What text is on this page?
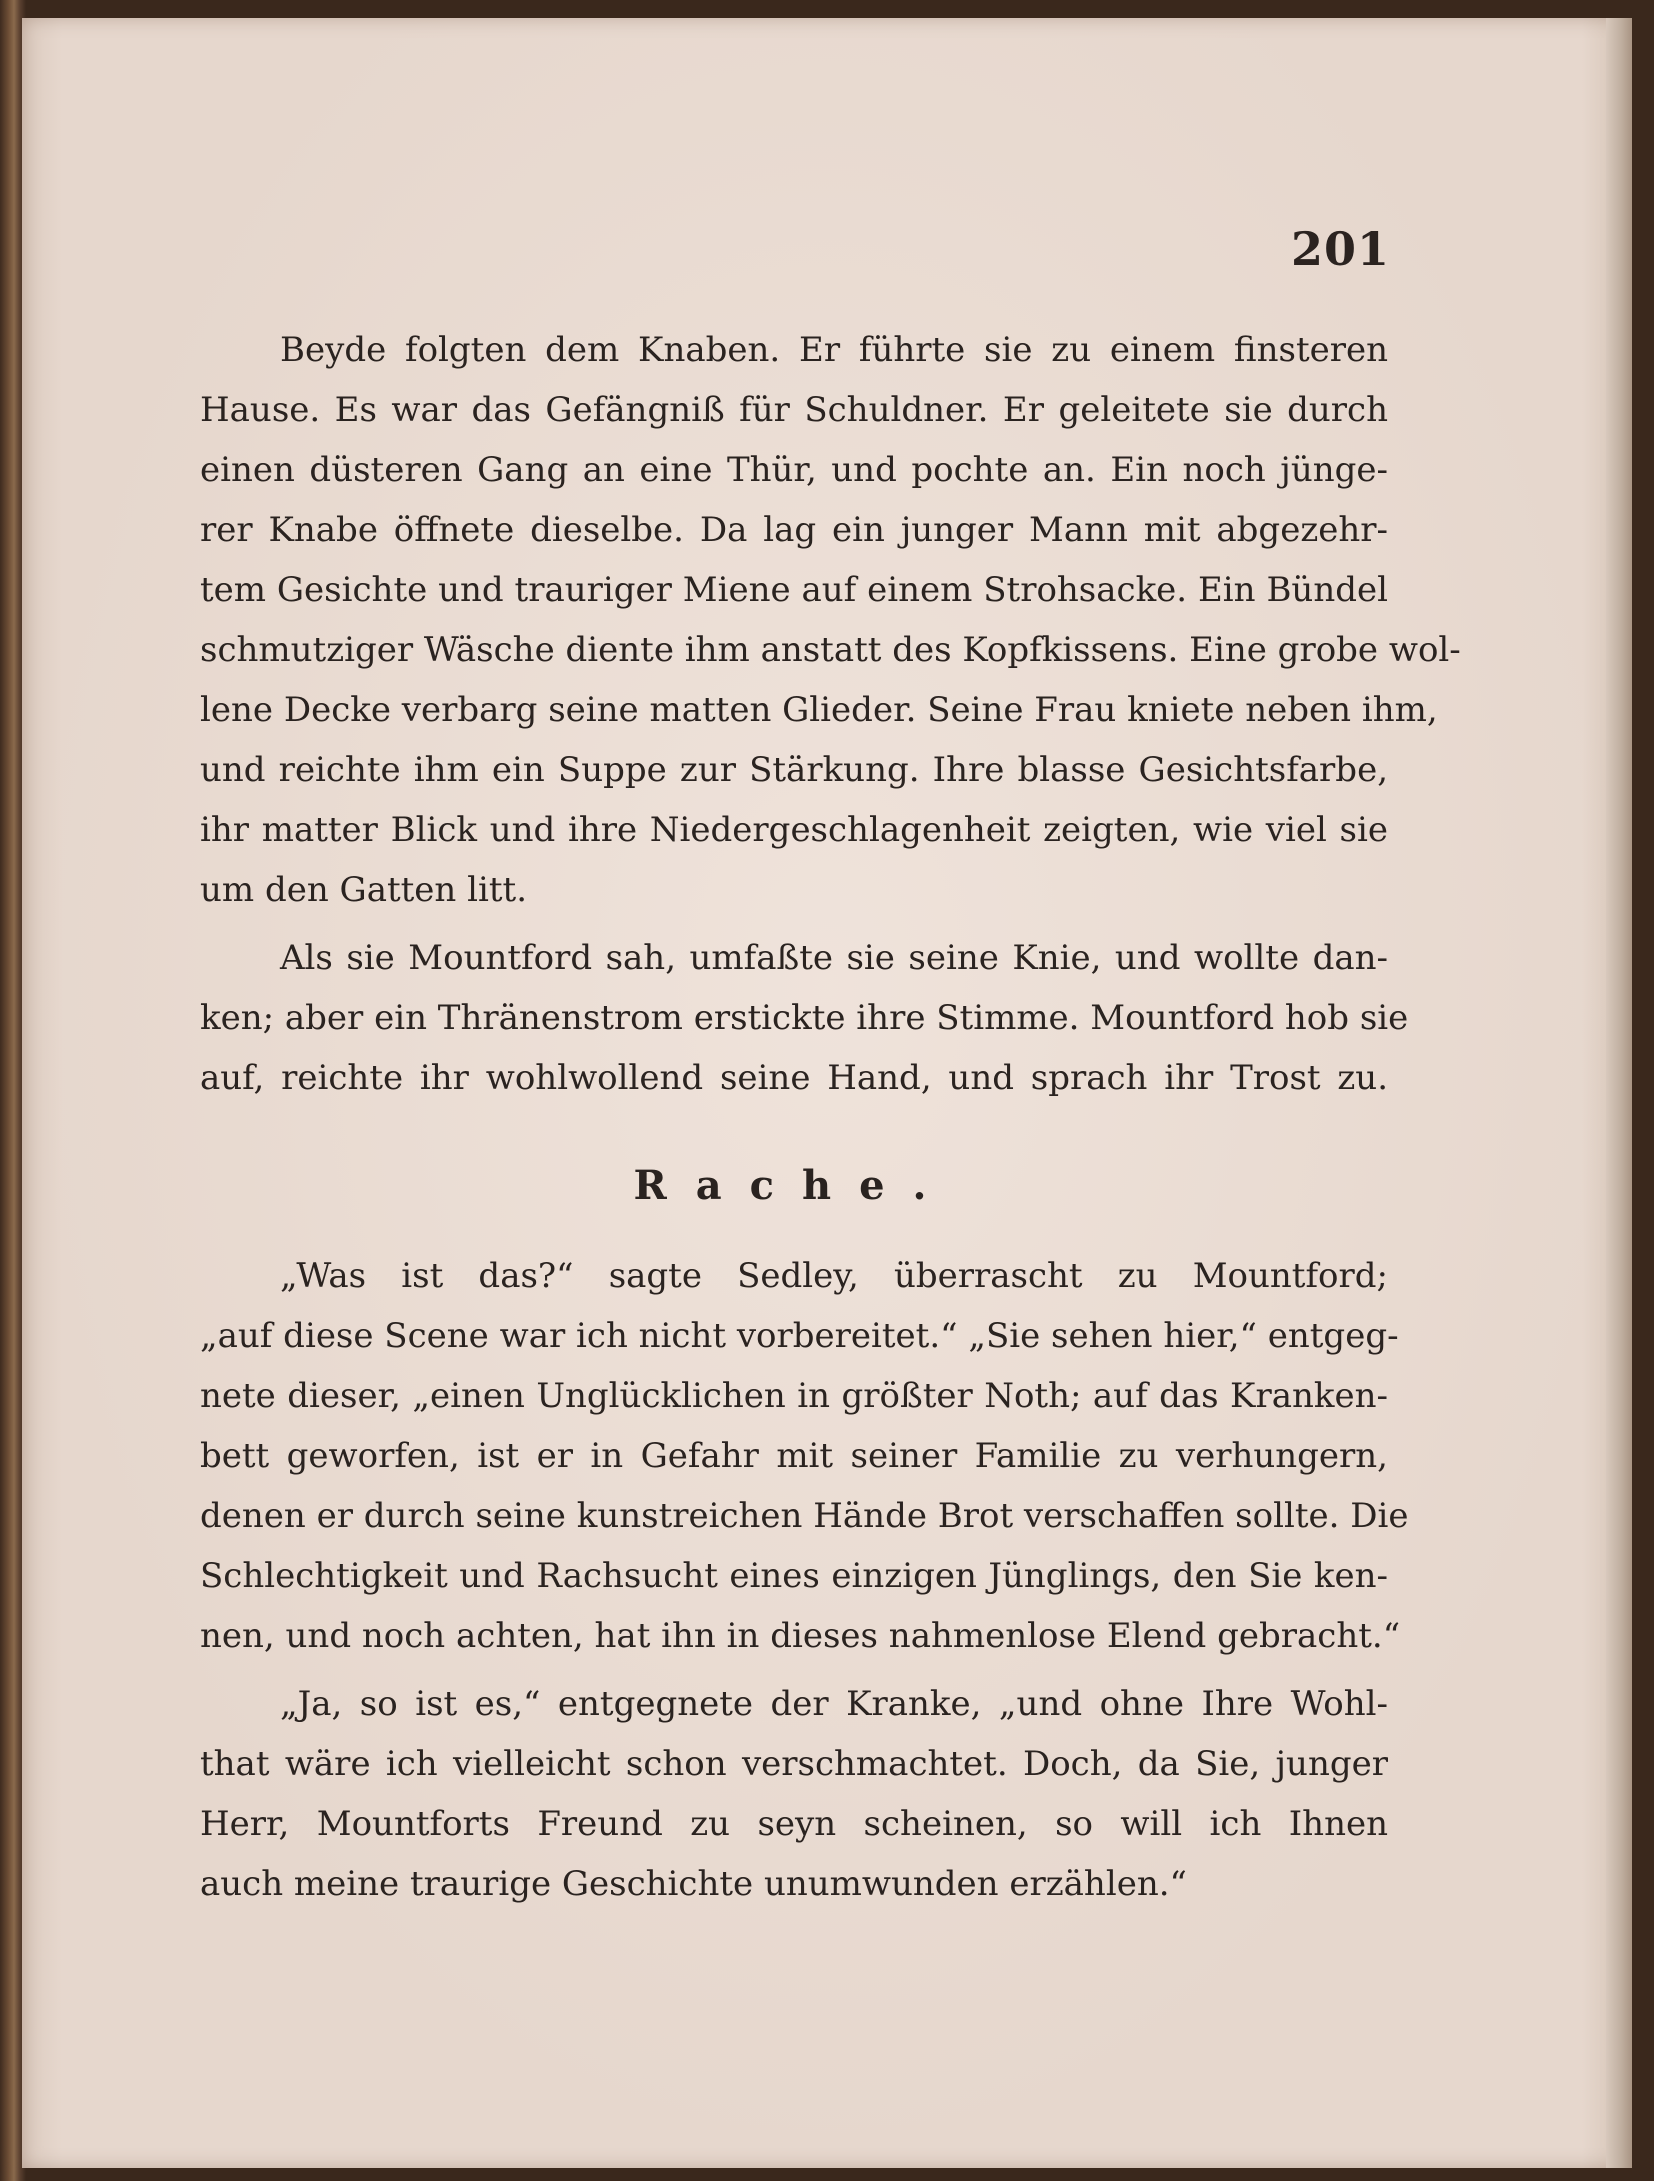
201
Beyde folgten dem Knaben. Er führte sie zu einem finsteren
Hause. Es war das Gefängniß für Schuldner. Er geleitete sie durch
einen düsteren Gang an eine Thür, und pochte an. Ein noch jünge-
rer Knabe öffnete dieselbe. Da lag ein junger Mann mit abgezehr-
tem Gesichte und trauriger Miene auf einem Strohsacke. Ein Bündel
schmutziger Wäsche diente ihm anstatt des Kopfkissens. Eine grobe wol-
lene Decke verbarg seine matten Glieder. Seine Frau kniete neben ihm,
und reichte ihm ein Suppe zur Stärkung. Ihre blasse Gesichtsfarbe,
ihr matter Blick und ihre Niedergeschlagenheit zeigten, wie viel sie
um den Gatten litt.
Als sie Mountford sah, umfaßte sie seine Knie, und wollte dan-
ken; aber ein Thränenstrom erstickte ihre Stimme. Mountford hob sie
auf, reichte ihr wohlwollend seine Hand, und sprach ihr Trost zu.
Rache.
„Was ist das?“ sagte Sedley, überrascht zu Mountford;
„auf diese Scene war ich nicht vorbereitet.“ „Sie sehen hier,“ entgeg-
nete dieser, „einen Unglücklichen in größter Noth; auf das Kranken-
bett geworfen, ist er in Gefahr mit seiner Familie zu verhungern,
denen er durch seine kunstreichen Hände Brot verschaffen sollte. Die
Schlechtigkeit und Rachsucht eines einzigen Jünglings, den Sie ken-
nen, und noch achten, hat ihn in dieses nahmenlose Elend gebracht.“
„Ja, so ist es,“ entgegnete der Kranke, „und ohne Ihre Wohl-
that wäre ich vielleicht schon verschmachtet. Doch, da Sie, junger
Herr, Mountforts Freund zu seyn scheinen, so will ich Ihnen
auch meine traurige Geschichte unumwunden erzählen.“
